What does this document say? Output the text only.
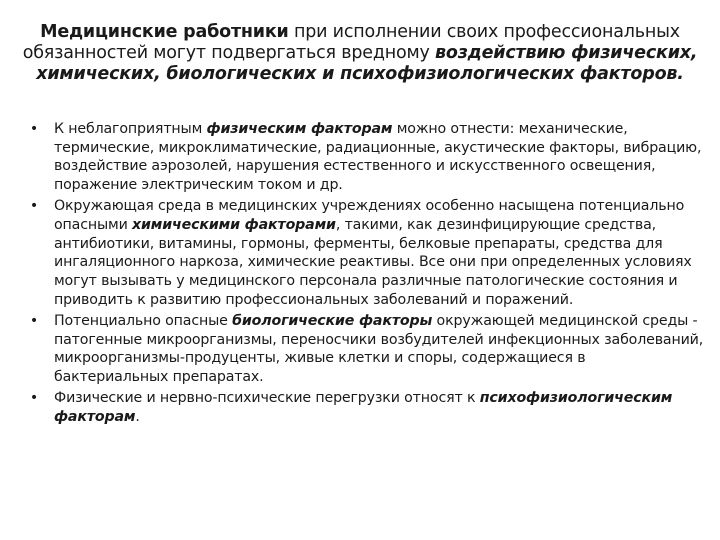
Медицинские работники при исполнении своих профессиональных обязанностей могут подвергаться вредному воздействию физических, химических, биологических и психофизиологических факторов.
• К неблагоприятным физическим факторам можно отнести: механические, термические, микроклиматические, радиационные, акустические факторы, вибрацию, воздействие аэрозолей, нарушения естественного и искусственного освещения, поражение электрическим током и др.
• Окружающая среда в медицинских учреждениях особенно насыщена потенциально опасными химическими факторами, такими, как дезинфицирующие средства, антибиотики, витамины, гормоны, ферменты, белковые препараты, средства для ингаляционного наркоза, химические реактивы. Все они при определенных условиях могут вызывать у медицинского персонала различные патологические состояния и приводить к развитию профессиональных заболеваний и поражений.
• Потенциально опасные биологические факторы окружающей медицинской среды - патогенные микроорганизмы, переносчики возбудителей инфекционных заболеваний, микроорганизмы-продуценты, живые клетки и споры, содержащиеся в бактериальных препаратах.
• Физические и нервно-психические перегрузки относят к психофизиологическим факторам.
